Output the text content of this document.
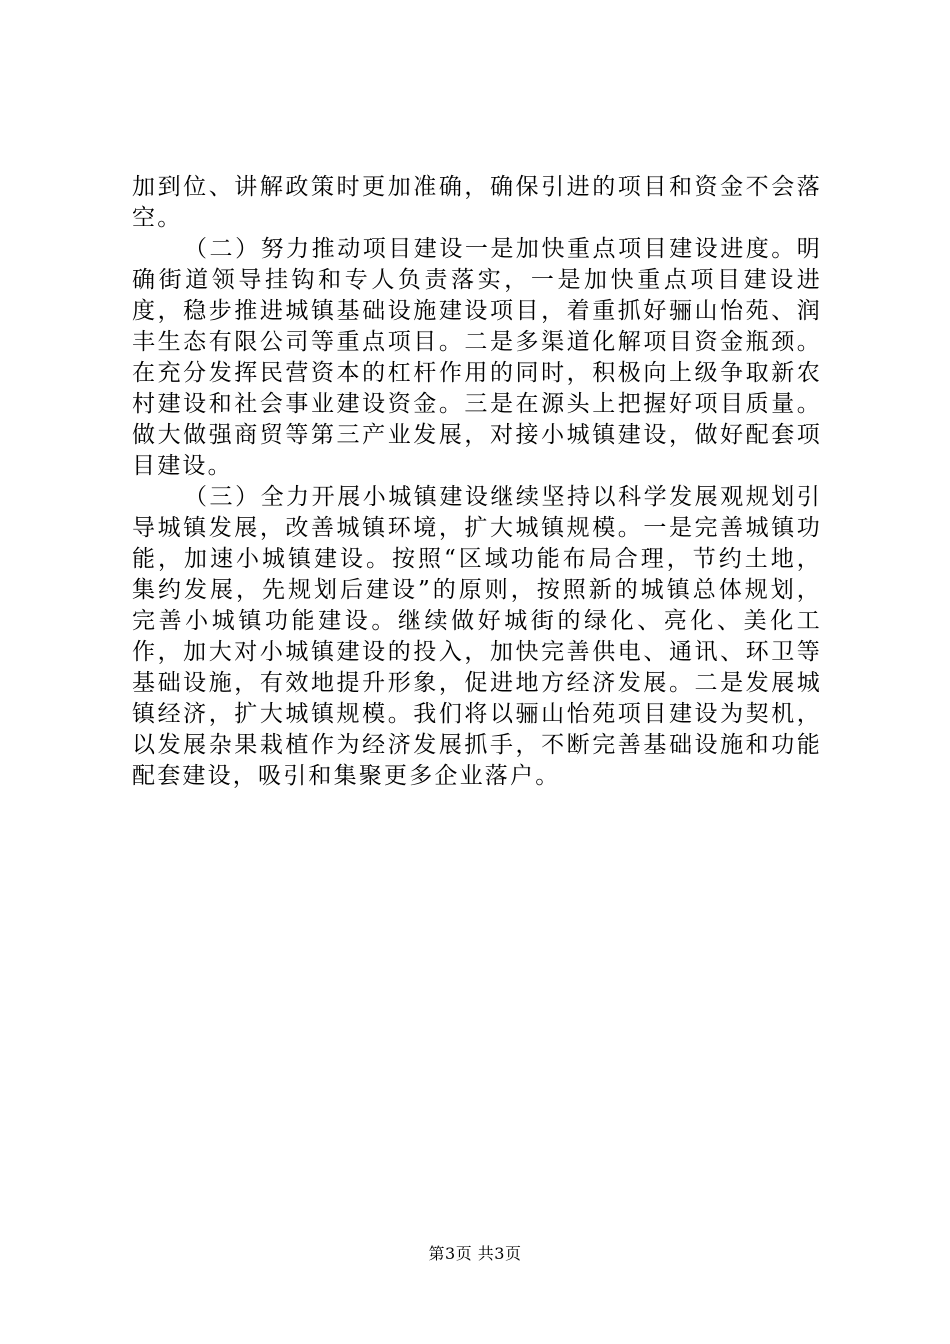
加到位、讲解政策时更加准确，确保引进的项目和资金不会落空。

（二）努力推动项目建设一是加快重点项目建设进度。明确街道领导挂钩和专人负责落实，一是加快重点项目建设进度，稳步推进城镇基础设施建设项目，着重抓好骊山怡苑、润丰生态有限公司等重点项目。二是多渠道化解项目资金瓶颈。在充分发挥民营资本的杠杆作用的同时，积极向上级争取新农村建设和社会事业建设资金。三是在源头上把握好项目质量。做大做强商贸等第三产业发展，对接小城镇建设，做好配套项目建设。

（三）全力开展小城镇建设继续坚持以科学发展观规划引导城镇发展，改善城镇环境，扩大城镇规模。一是完善城镇功能，加速小城镇建设。按照“区域功能布局合理，节约土地，集约发展，先规划后建设”的原则，按照新的城镇总体规划，完善小城镇功能建设。继续做好城街的绿化、亮化、美化工作，加大对小城镇建设的投入，加快完善供电、通讯、环卫等基础设施，有效地提升形象，促进地方经济发展。二是发展城镇经济，扩大城镇规模。我们将以骊山怡苑项目建设为契机，以发展杂果栽植作为经济发展抓手，不断完善基础设施和功能配套建设，吸引和集聚更多企业落户。

第3页 共3页
